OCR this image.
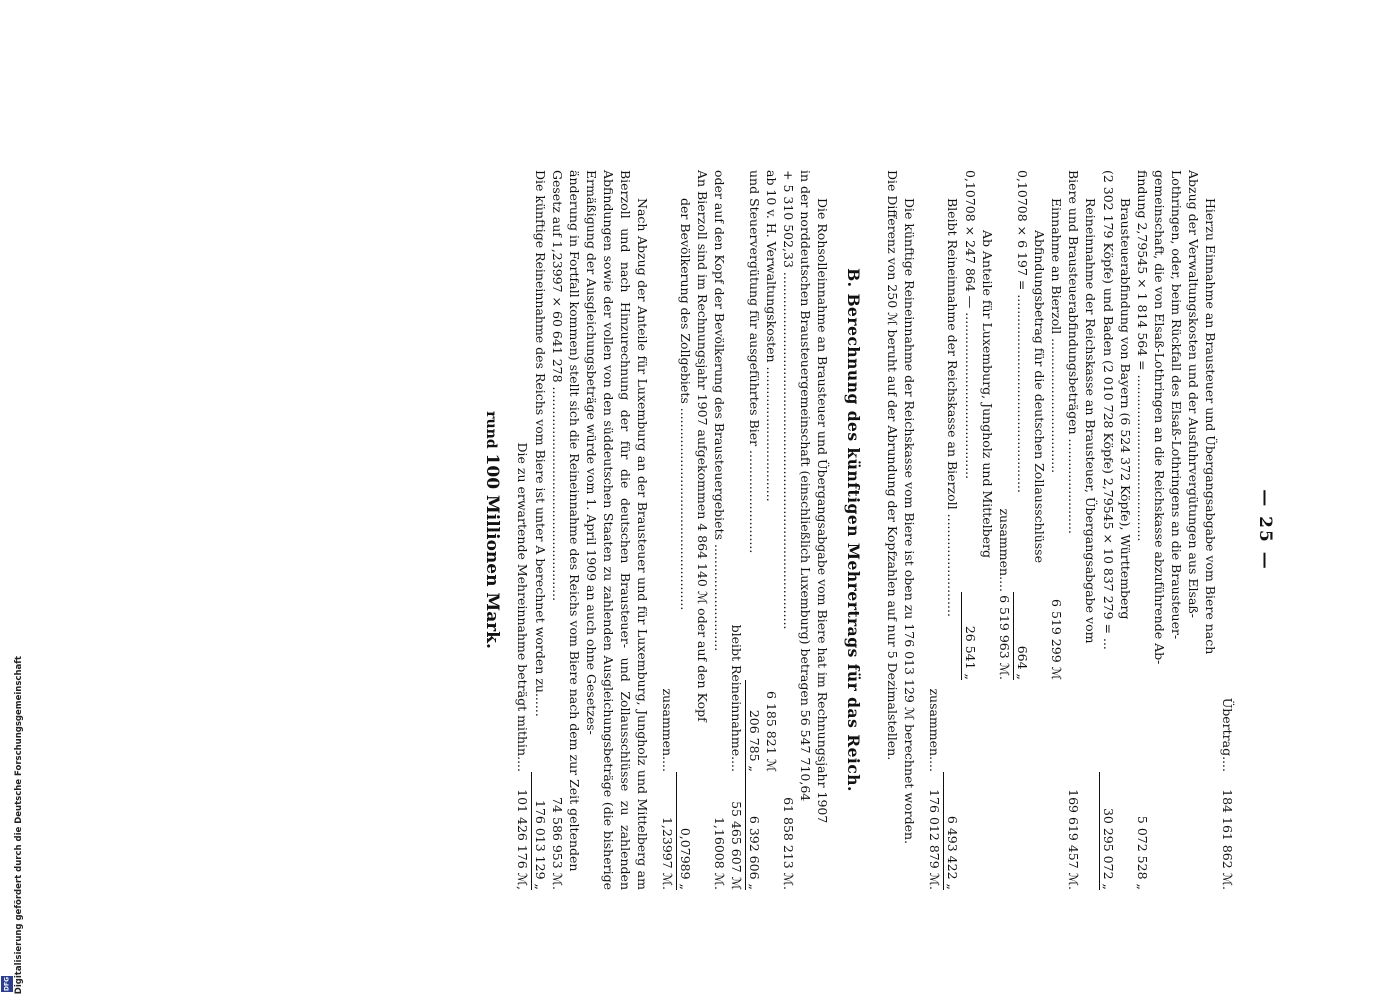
— 25 —
Übertrag....
184 161 862 ℳ.
Hierzu Einnahme an Brausteuer und Übergangsabgabe vom Biere nach
Abzug der Verwaltungskosten und der Ausfuhrvergütungen aus Elsaß-
Lothringen, oder, beim Rückfall des Elsaß-Lothringens an die Brausteuer-
gemeinschaft, die von Elsaß-Lothringen an die Reichskasse abzuführende Ab-
findung 2,79545 × 1 814 564 = ..........................................
5 072 528 „
Brausteuerabfindung von Bayern (6 524 372 Köpfe), Württemberg
(2 302 179 Köpfe) und Baden (2 010 728 Köpfe) 2,79545 × 10 837 279 = ...
30 295 072 „
Reineinnahme der Reichskasse an Brausteuer, Übergangsabgabe vom
Biere und Brausteuerabfindungsbeträgen ........................
169 619 457 ℳ.
Einnahme an Bierzoll ..................................
6 519 299 ℳ
Abfindungsbetrag für die deutschen Zollausschlüsse
0,10708 × 6 197 = ..................................................
664 „
zusammen....
6 519 963 ℳ.
Ab Anteile für Luxemburg, Jungholz und Mittelberg
0,10708 × 247 864 — ..........................................
26 541 „
Bleibt Reineinnahme der Reichskasse an Bierzoll ..........................
6 493 422 „
zusammen....
176 012 879 ℳ.

Die künftige Reineinnahme der Reichskasse vom Biere ist oben zu 176 013 129 ℳ berechnet worden.

Die Differenz von 250 ℳ beruht auf der Abrundung der Kopfzahlen auf nur 5 Dezimalstellen.

B. Berechnung des künftigen Mehrertrags für das Reich.
Die Rohsolleinnahme an Brausteuer und Übergangsabgabe vom Biere hat im Rechnungsjahr 1907
in der norddeutschen Brausteuergemeinschaft (einschließlich Luxemburg) betragen 56 547 710,64
+ 5 310 502,33 ..........................................................................................
61 858 213 ℳ.
ab 10 v. H. Verwaltungskosten ..................................
6 185 821 ℳ
und Steuervergütung für ausgeführtes Bier ..........................
206 785 „
6 392 606 „
bleibt Reineinnahme....
55 465 607 ℳ
oder auf den Kopf der Bevölkerung des Brausteuergebiets ...........................
1,16008 ℳ.
An Bierzoll sind im Rechnungsjahr 1907 aufgekommen 4 864 140 ℳ oder auf den Kopf
der Bevölkerung des Zollgebiets ...................................................
0,07989 „
zusammen....
1,23997 ℳ.

Nach Abzug der Anteile für Luxemburg an der Brausteuer und für Luxemburg, Jungholz und Mittelberg am Bierzoll und nach Hinzurechnung der für die deutschen Brausteuer- und Zollausschlüsse zu zahlenden Abfindungen sowie der vollen von den süddeutschen Staaten zu zahlenden Ausgleichungsbeträge (die bisherige Ermäßigung der Ausgleichungsbeträge würde vom 1. April 1909 an auch ohne Gesetzes-

änderung in Fortfall kommen) stellt sich die Reineinnahme des Reichs vom Biere nach dem zur Zeit geltenden
Gesetz auf 1,23997 × 60 641 278 ......................................................
74 586 953 ℳ.
Die künftige Reineinnahme des Reichs vom Biere ist unter A berechnet worden zu......
176 013 129 „
Die zu erwartende Mehreinnahme beträgt mithin....
101 426 176 ℳ,
rund 100 Millionen Mark.
Digitalisierung gefördert durch die Deutsche Forschungsgemeinschaft
DFG
